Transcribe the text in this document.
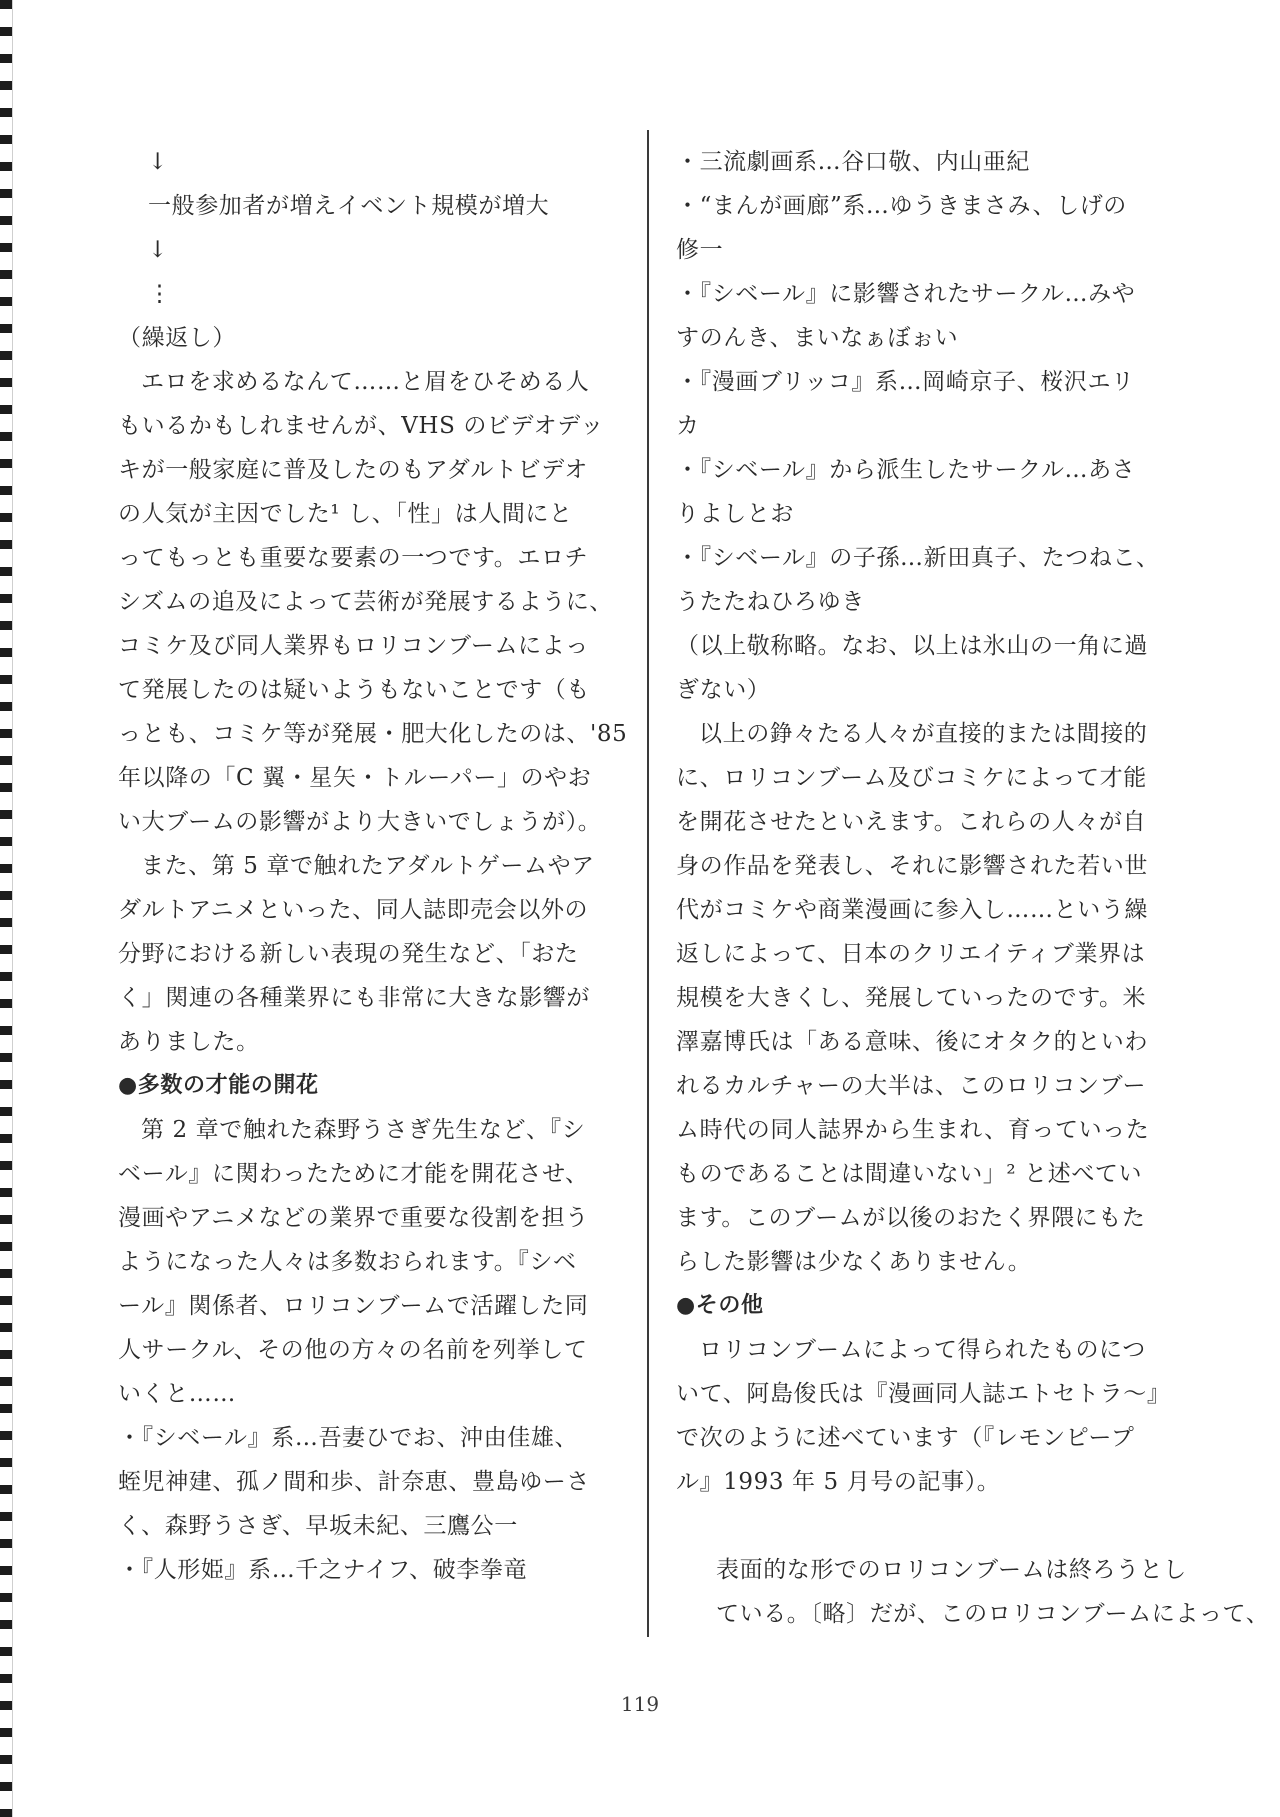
↓
一般参加者が増えイベント規模が増大
↓
⋮
（繰返し）
エロを求めるなんて……と眉をひそめる人
もいるかもしれませんが、VHS のビデオデッ
キが一般家庭に普及したのもアダルトビデオ
の人気が主因でした¹ し、「性」は人間にと
ってもっとも重要な要素の一つです。エロチ
シズムの追及によって芸術が発展するように、
コミケ及び同人業界もロリコンブームによっ
て発展したのは疑いようもないことです（も
っとも、コミケ等が発展・肥大化したのは、'85
年以降の「C 翼・星矢・トルーパー」のやお
い大ブームの影響がより大きいでしょうが）。
また、第 5 章で触れたアダルトゲームやア
ダルトアニメといった、同人誌即売会以外の
分野における新しい表現の発生など、「おた
く」関連の各種業界にも非常に大きな影響が
ありました。
●多数の才能の開花
第 2 章で触れた森野うさぎ先生など、『シ
ベール』に関わったために才能を開花させ、
漫画やアニメなどの業界で重要な役割を担う
ようになった人々は多数おられます。『シベ
ール』関係者、ロリコンブームで活躍した同
人サークル、その他の方々の名前を列挙して
いくと……
・『シベール』系…吾妻ひでお、沖由佳雄、
蛭児神建、孤ノ間和歩、計奈恵、豊島ゆーさ
く、森野うさぎ、早坂未紀、三鷹公一
・『人形姫』系…千之ナイフ、破李拳竜
・三流劇画系…谷口敬、内山亜紀
・“まんが画廊”系…ゆうきまさみ、しげの
修一
・『シベール』に影響されたサークル…みや
すのんき、まいなぁぼぉい
・『漫画ブリッコ』系…岡崎京子、桜沢エリ
カ
・『シベール』から派生したサークル…あさ
りよしとお
・『シベール』の子孫…新田真子、たつねこ、
うたたねひろゆき
（以上敬称略。なお、以上は氷山の一角に過
ぎない）
以上の錚々たる人々が直接的または間接的
に、ロリコンブーム及びコミケによって才能
を開花させたといえます。これらの人々が自
身の作品を発表し、それに影響された若い世
代がコミケや商業漫画に参入し……という繰
返しによって、日本のクリエイティブ業界は
規模を大きくし、発展していったのです。米
澤嘉博氏は「ある意味、後にオタク的といわ
れるカルチャーの大半は、このロリコンブー
ム時代の同人誌界から生まれ、育っていった
ものであることは間違いない」² と述べてい
ます。このブームが以後のおたく界隈にもた
らした影響は少なくありません。
●その他
ロリコンブームによって得られたものにつ
いて、阿島俊氏は『漫画同人誌エトセトラ～』
で次のように述べています（『レモンピープ
ル』1993 年 5 月号の記事）。
表面的な形でのロリコンブームは終ろうとし
ている。〔略〕だが、このロリコンブームによって、
119
